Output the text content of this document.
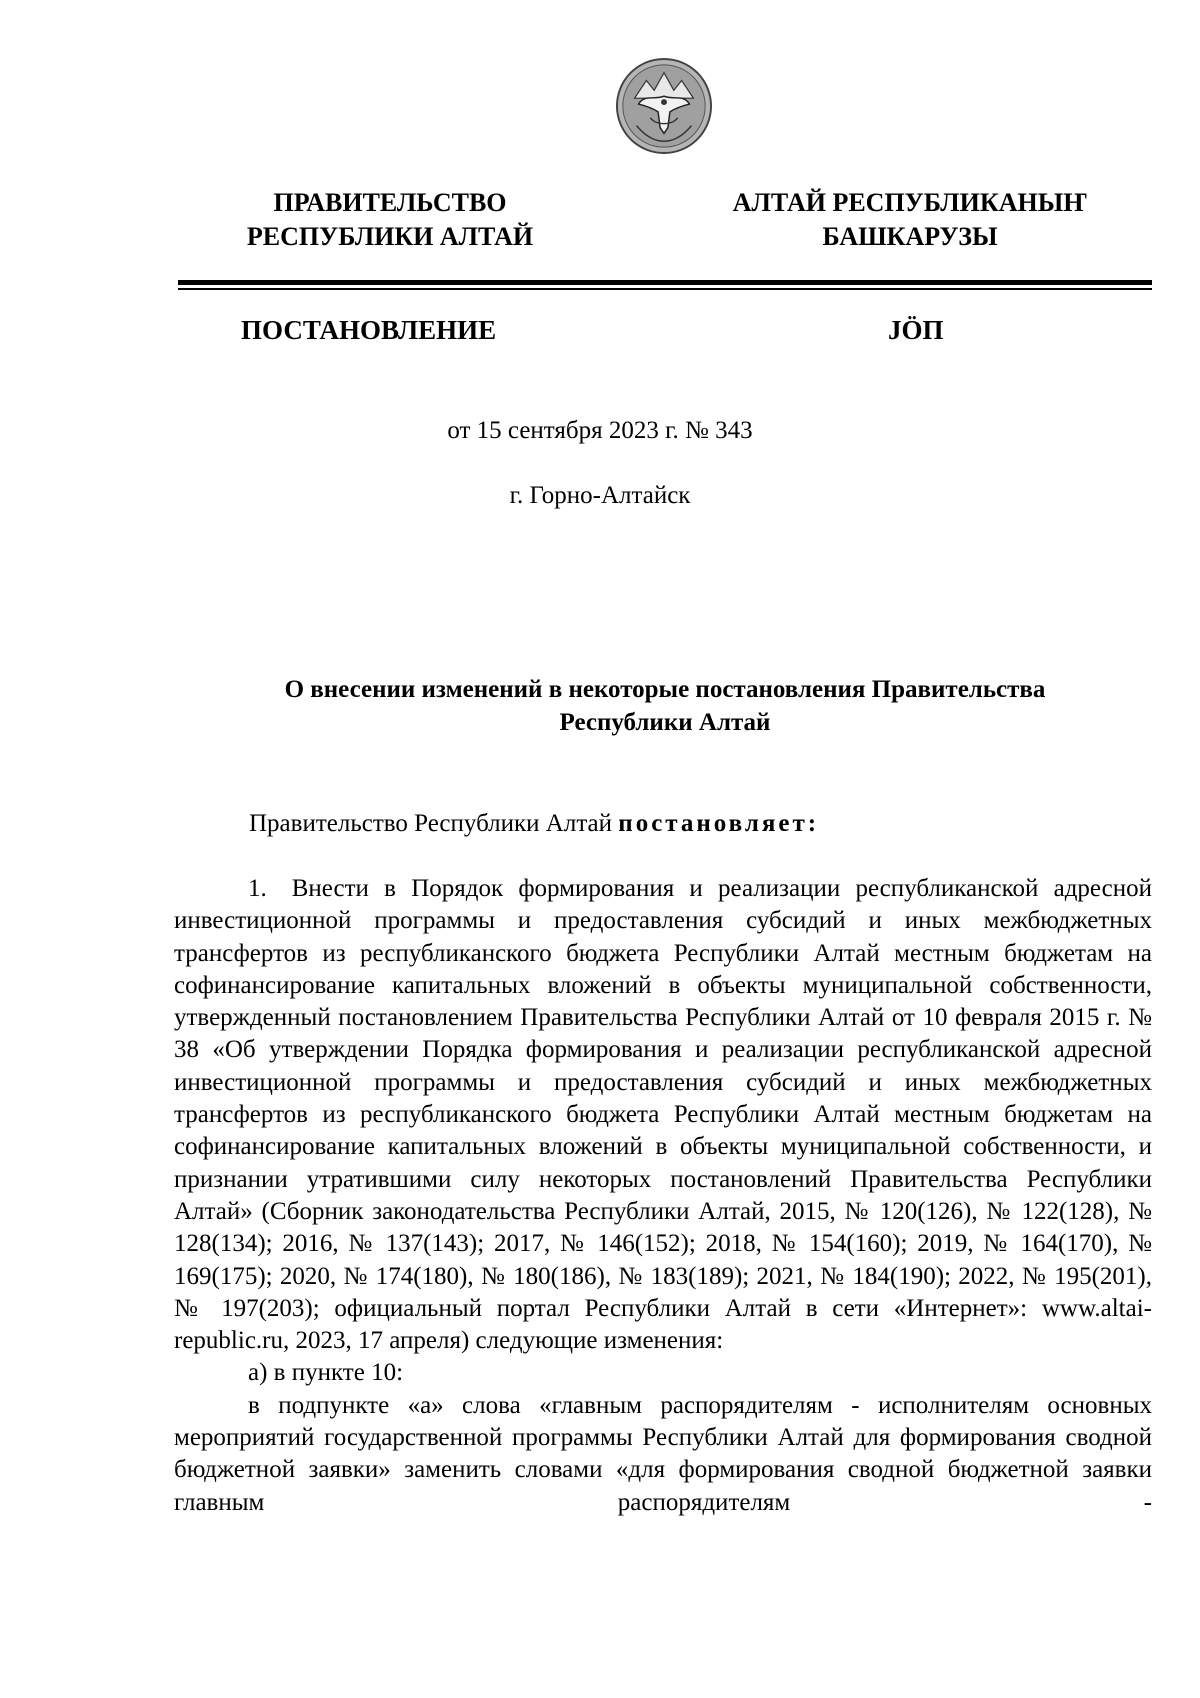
ПРАВИТЕЛЬСТВО
РЕСПУБЛИКИ АЛТАЙ
АЛТАЙ РЕСПУБЛИКАНЫҤ
БАШКАРУЗЫ
ПОСТАНОВЛЕНИЕ	JÖП
от 15 сентября 2023 г. № 343
г. Горно-Алтайск
О внесении изменений в некоторые постановления Правительства
Республики Алтай
Правительство Республики Алтай постановляет:

1. Внести в Порядок формирования и реализации республиканской адресной инвестиционной программы и предоставления субсидий и иных межбюджетных трансфертов из республиканского бюджета Республики Алтай местным бюджетам на софинансирование капитальных вложений в объекты муниципальной собственности, утвержденный постановлением Правительства Республики Алтай от 10 февраля 2015 г. № 38 «Об утверждении Порядка формирования и реализации республиканской адресной инвестиционной программы и предоставления субсидий и иных межбюджетных трансфертов из республиканского бюджета Республики Алтай местным бюджетам на софинансирование капитальных вложений в объекты муниципальной собственности, и признании утратившими силу некоторых постановлений Правительства Республики Алтай» (Сборник законодательства Республики Алтай, 2015, № 120(126), № 122(128), № 128(134); 2016, № 137(143); 2017, № 146(152); 2018, № 154(160); 2019, № 164(170), № 169(175); 2020, № 174(180), № 180(186), № 183(189); 2021, № 184(190); 2022, № 195(201), № 197(203); официальный портал Республики Алтай в сети «Интернет»: www.altai-republic.ru, 2023, 17 апреля) следующие изменения:

а) в пункте 10:

в подпункте «а» слова «главным распорядителям - исполнителям основных мероприятий государственной программы Республики Алтай для формирования сводной бюджетной заявки» заменить словами «для формирования сводной бюджетной заявки главным распорядителям -
